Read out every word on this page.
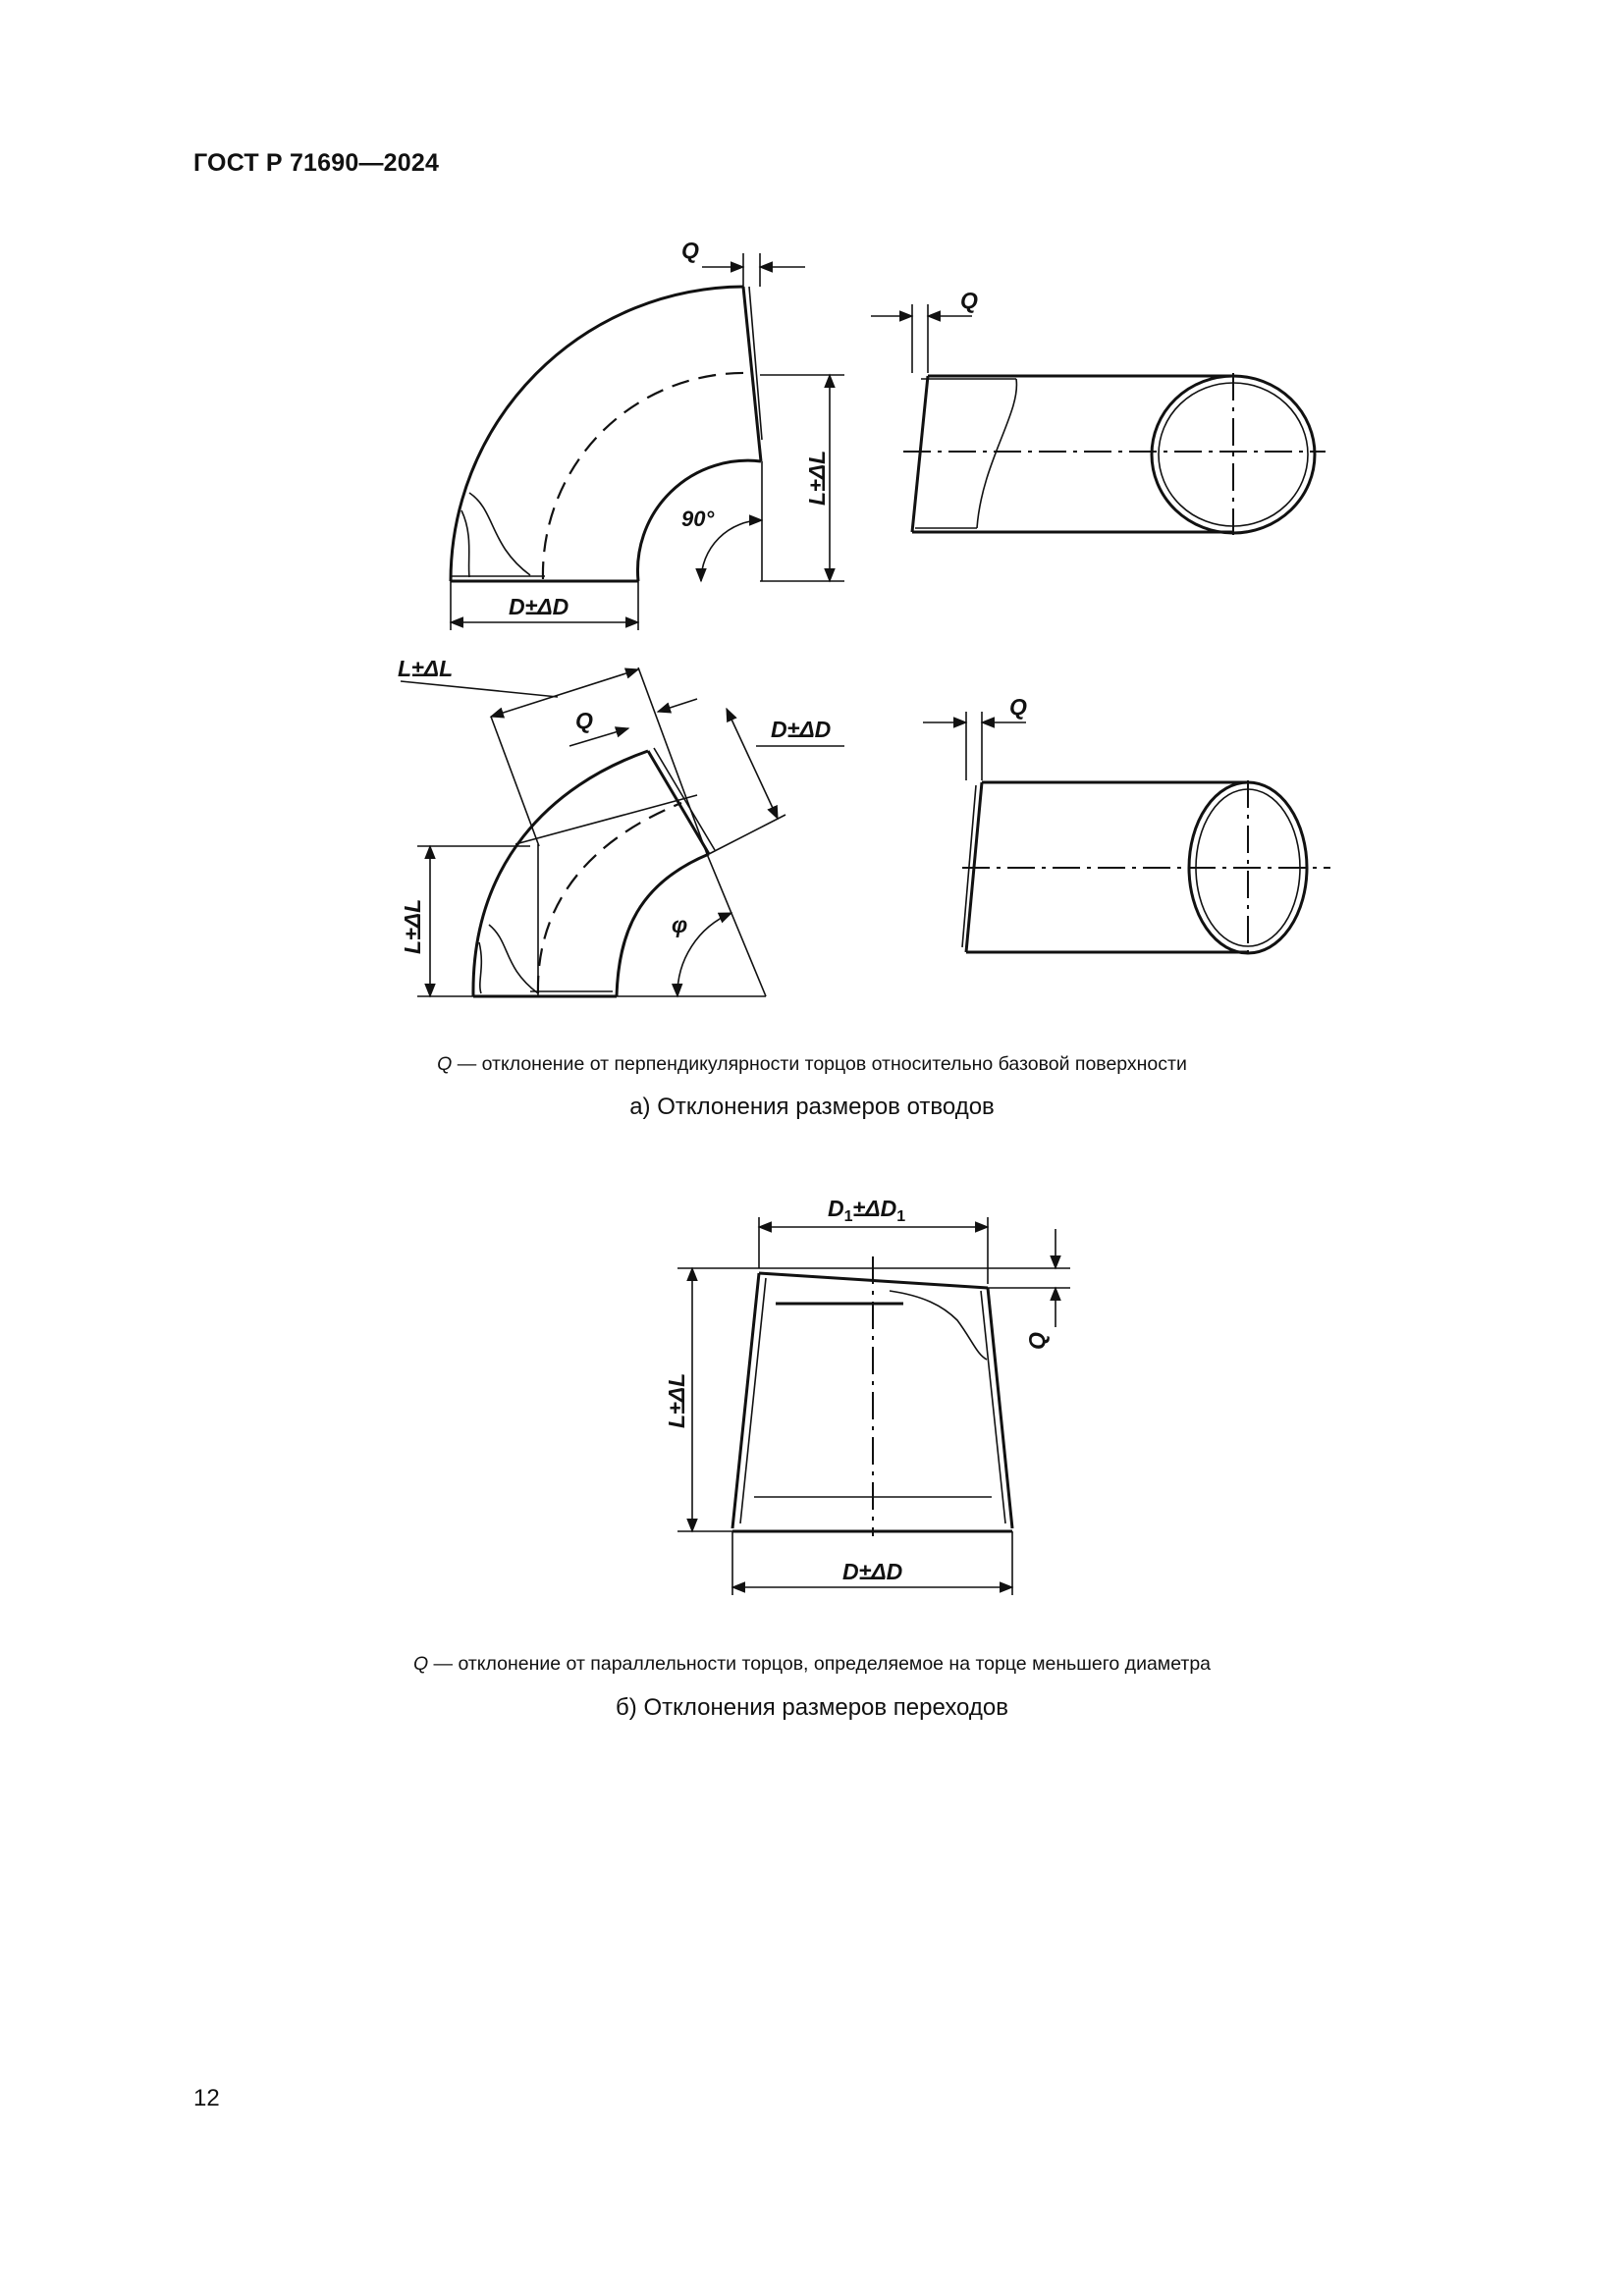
ГОСТ Р 71690—2024
Q
L±ΔL
D±ΔD
90°
Q
L±ΔL
Q	D±ΔD
L±ΔL	φ
Q
Q — отклонение от перпендикулярности торцов относительно базовой поверхности
а) Отклонения размеров отводов
$D_1\pm\Delta D_1$
Q
L±ΔL
D±ΔD
Q — отклонение от параллельности торцов, определяемое на торце меньшего диаметра
б) Отклонения размеров переходов
12
